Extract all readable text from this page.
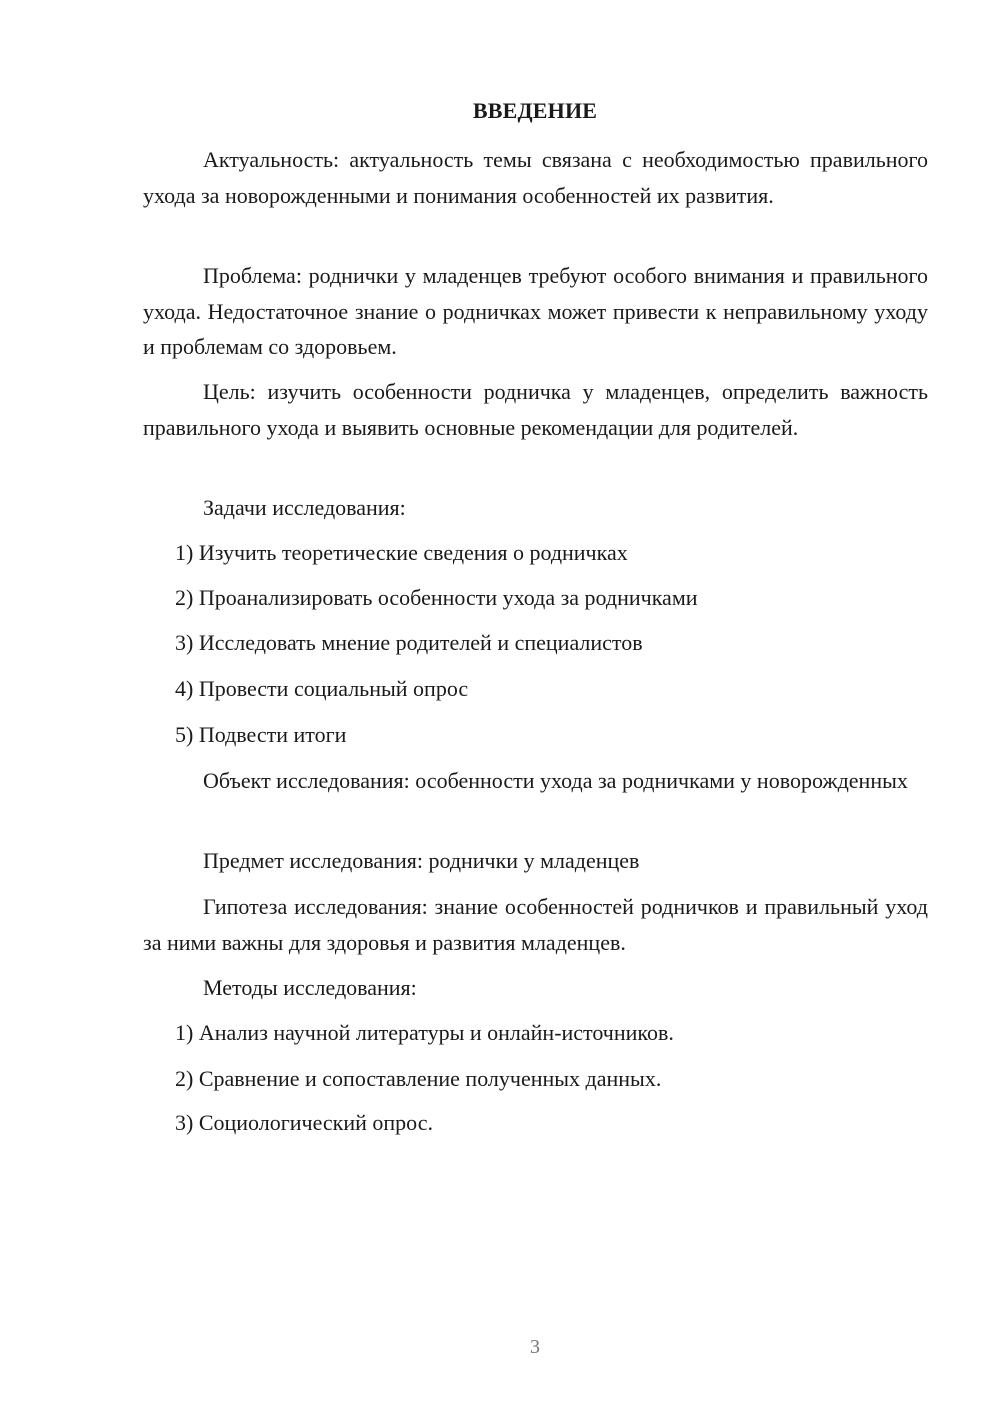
ВВЕДЕНИЕ
Актуальность: актуальность темы связана с необходимостью правильного ухода за новорожденными и понимания особенностей их развития.
Проблема: роднички у младенцев требуют особого внимания и правильного ухода. Недостаточное знание о родничках может привести к неправильному уходу и проблемам со здоровьем.
Цель: изучить особенности родничка у младенцев, определить важность правильного ухода и выявить основные рекомендации для родителей.
Задачи исследования:
1) Изучить теоретические сведения о родничках
2) Проанализировать особенности ухода за родничками
3) Исследовать мнение родителей и специалистов
4) Провести социальный опрос
5) Подвести итоги
Объект исследования: особенности ухода за родничками у новорожденных
Предмет исследования: роднички у младенцев
Гипотеза исследования: знание особенностей родничков и правильный уход за ними важны для здоровья и развития младенцев.
Методы исследования:
1) Анализ научной литературы и онлайн-источников.
2) Сравнение и сопоставление полученных данных.
3) Социологический опрос.
3
